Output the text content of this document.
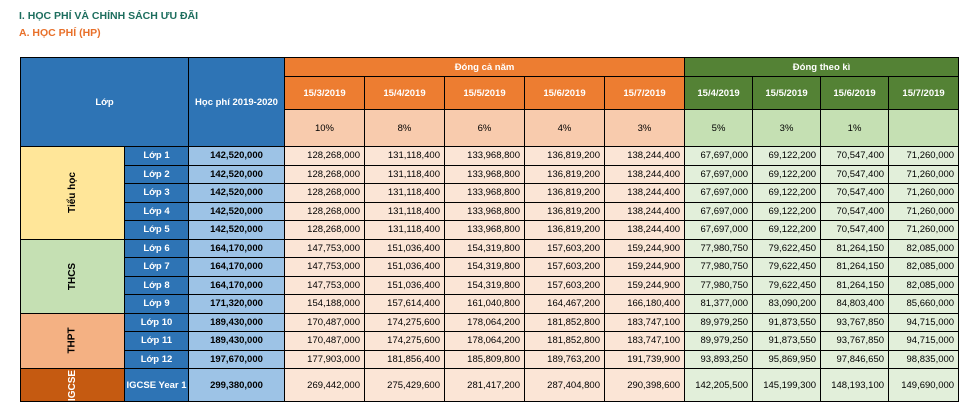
I. HỌC PHÍ VÀ CHÍNH SÁCH ƯU ĐÃI
A. HỌC PHÍ (HP)
Lớp		Học phí 2019-2020	Đóng cả năm					Đóng theo kì			
			15/3/2019	15/4/2019	15/5/2019	15/6/2019	15/7/2019	15/4/2019	15/5/2019	15/6/2019	15/7/2019
			10%	8%	6%	4%	3%	5%	3%	1%	
Tiểu học	Lớp 1	142,520,000	128,268,000	131,118,400	133,968,800	136,819,200	138,244,400	67,697,000	69,122,200	70,547,400	71,260,000
	Lớp 2	142,520,000	128,268,000	131,118,400	133,968,800	136,819,200	138,244,400	67,697,000	69,122,200	70,547,400	71,260,000
	Lớp 3	142,520,000	128,268,000	131,118,400	133,968,800	136,819,200	138,244,400	67,697,000	69,122,200	70,547,400	71,260,000
	Lớp 4	142,520,000	128,268,000	131,118,400	133,968,800	136,819,200	138,244,400	67,697,000	69,122,200	70,547,400	71,260,000
	Lớp 5	142,520,000	128,268,000	131,118,400	133,968,800	136,819,200	138,244,400	67,697,000	69,122,200	70,547,400	71,260,000
THCS	Lớp 6	164,170,000	147,753,000	151,036,400	154,319,800	157,603,200	159,244,900	77,980,750	79,622,450	81,264,150	82,085,000
	Lớp 7	164,170,000	147,753,000	151,036,400	154,319,800	157,603,200	159,244,900	77,980,750	79,622,450	81,264,150	82,085,000
	Lớp 8	164,170,000	147,753,000	151,036,400	154,319,800	157,603,200	159,244,900	77,980,750	79,622,450	81,264,150	82,085,000
	Lớp 9	171,320,000	154,188,000	157,614,400	161,040,800	164,467,200	166,180,400	81,377,000	83,090,200	84,803,400	85,660,000
THPT	Lớp 10	189,430,000	170,487,000	174,275,600	178,064,200	181,852,800	183,747,100	89,979,250	91,873,550	93,767,850	94,715,000
	Lớp 11	189,430,000	170,487,000	174,275,600	178,064,200	181,852,800	183,747,100	89,979,250	91,873,550	93,767,850	94,715,000
	Lớp 12	197,670,000	177,903,000	181,856,400	185,809,800	189,763,200	191,739,900	93,893,250	95,869,950	97,846,650	98,835,000
IGCSE	IGCSE Year 1	299,380,000	269,442,000	275,429,600	281,417,200	287,404,800	290,398,600	142,205,500	145,199,300	148,193,100	149,690,000
